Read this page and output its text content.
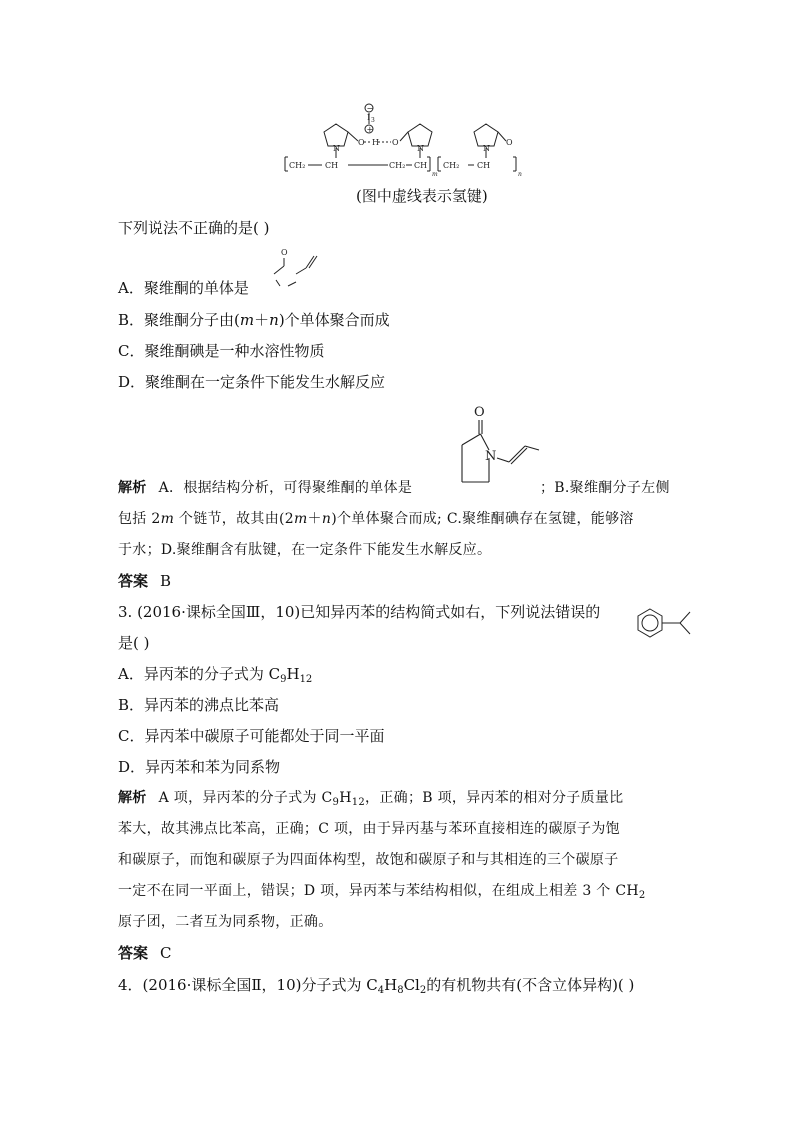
O
N
H O
N
O
N
I
−
+
CH₂ CH	CH₂ CH CH₂ CH
3
m	n
(图中虚线表示氢键)
下列说法不正确的是( )
A．聚维酮的单体是
O
B．聚维酮分子由(m＋n)个单体聚合而成
C．聚维酮碘是一种水溶性物质
D．聚维酮在一定条件下能发生水解反应
O
N
解析 A．根据结构分析，可得聚维酮的单体是	；B.聚维酮分子左侧
包括 2m 个链节，故其由(2m＋n)个单体聚合而成; C.聚维酮碘存在氢键，能够溶
于水；D.聚维酮含有肽键，在一定条件下能发生水解反应。
答案 B
3. (2016·课标全国Ⅲ，10)已知异丙苯的结构简式如右，下列说法错误的
是( )
A．异丙苯的分子式为 $C_9H_{12}$
B．异丙苯的沸点比苯高
C．异丙苯中碳原子可能都处于同一平面
D．异丙苯和苯为同系物
解析 A 项，异丙苯的分子式为 $C_9H_{12}$，正确；B 项，异丙苯的相对分子质量比
苯大，故其沸点比苯高，正确；C 项，由于异丙基与苯环直接相连的碳原子为饱
和碳原子，而饱和碳原子为四面体构型，故饱和碳原子和与其相连的三个碳原子
一定不在同一平面上，错误；D 项，异丙苯与苯结构相似，在组成上相差 3 个 $CH_2$
原子团，二者互为同系物，正确。
答案 C
4．(2016·课标全国Ⅱ，10)分子式为 $C_4H_8Cl_2$的有机物共有(不含立体异构)( )
